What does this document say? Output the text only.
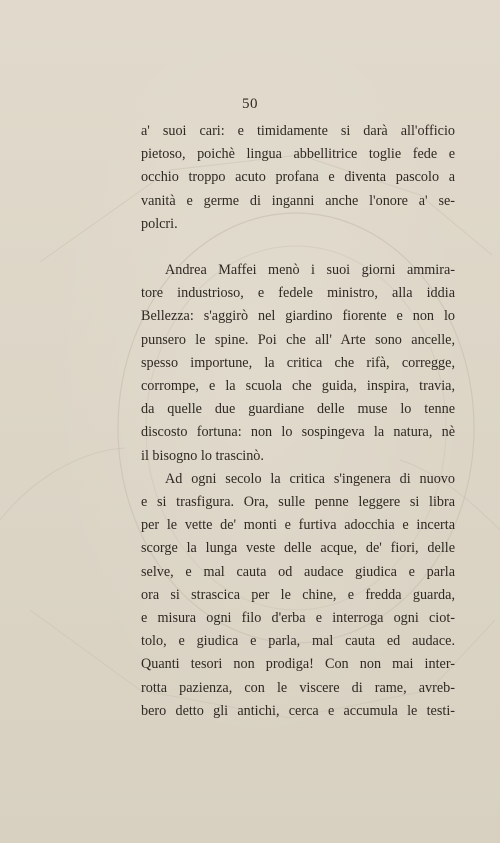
50

a' suoi cari: e timidamente si darà all'officio
pietoso, poichè lingua abbellitrice toglie fede e
occhio troppo acuto profana e diventa pascolo a
vanità e germe di inganni anche l'onore a' se-
polcri.

Andrea Maffei menò i suoi giorni ammira-
tore industrioso, e fedele ministro, alla iddia
Bellezza: s'aggirò nel giardino fiorente e non lo
punsero le spine. Poi che all' Arte sono ancelle,
spesso importune, la critica che rifà, corregge,
corrompe, e la scuola che guida, inspira, travia,
da quelle due guardiane delle muse lo tenne
discosto fortuna: non lo sospingeva la natura, nè
il bisogno lo trascinò.

Ad ogni secolo la critica s'ingenera di nuovo
e si trasfigura. Ora, sulle penne leggere si libra
per le vette de' monti e furtiva adocchia e incerta
scorge la lunga veste delle acque, de' fiori, delle
selve, e mal cauta od audace giudica e parla
ora si strascica per le chine, e fredda guarda,
e misura ogni filo d'erba e interroga ogni ciot-
tolo, e giudica e parla, mal cauta ed audace.
Quanti tesori non prodiga! Con non mai inter-
rotta pazienza, con le viscere di rame, avreb-
bero detto gli antichi, cerca e accumula le testi-
